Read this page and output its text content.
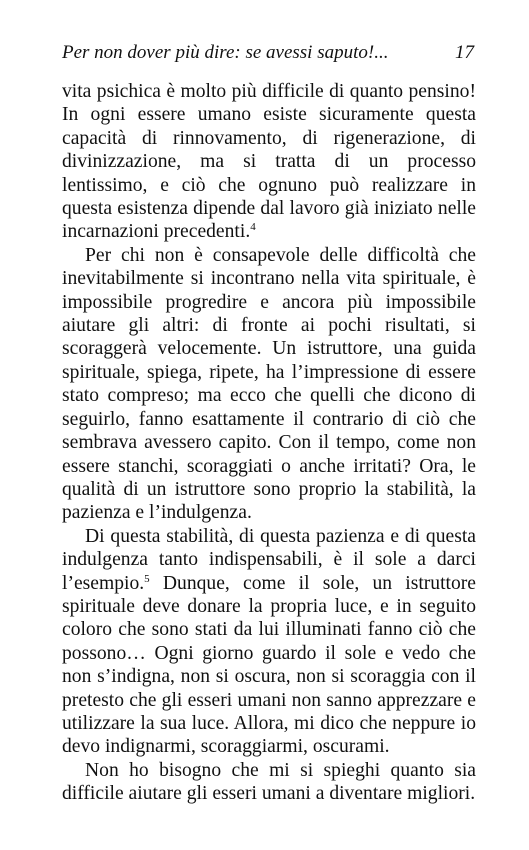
Per non dover più dire: se avessi saputo!...	17

vita psichica è molto più difficile di quanto pensino! In ogni essere umano esiste sicuramente questa capacità di rinnovamento, di rigenerazione, di divinizzazione, ma si tratta di un processo lentissimo, e ciò che ognuno può realizzare in questa esistenza dipende dal lavoro già iniziato nelle incarnazioni precedenti.$^4$

Per chi non è consapevole delle difficoltà che inevitabilmente si incontrano nella vita spirituale, è impossibile progredire e ancora più impossibile aiutare gli altri: di fronte ai pochi risultati, si scoraggerà velocemente. Un istruttore, una guida spirituale, spiega, ripete, ha l’impressione di essere stato compreso; ma ecco che quelli che dicono di seguirlo, fanno esattamente il contrario di ciò che sembrava avessero capito. Con il tempo, come non essere stanchi, scoraggiati o anche irritati? Ora, le qualità di un istruttore sono proprio la stabilità, la pazienza e l’indulgenza.

Di questa stabilità, di questa pazienza e di questa indulgenza tanto indispensabili, è il sole a darci l’esempio.$^5$ Dunque, come il sole, un istruttore spirituale deve donare la propria luce, e in seguito coloro che sono stati da lui illuminati fanno ciò che possono… Ogni giorno guardo il sole e vedo che non s’indigna, non si oscura, non si scoraggia con il pretesto che gli esseri umani non sanno apprezzare e utilizzare la sua luce. Allora, mi dico che neppure io devo indignarmi, scoraggiarmi, oscurami.

Non ho bisogno che mi si spieghi quanto sia difficile aiutare gli esseri umani a diventare migliori.
